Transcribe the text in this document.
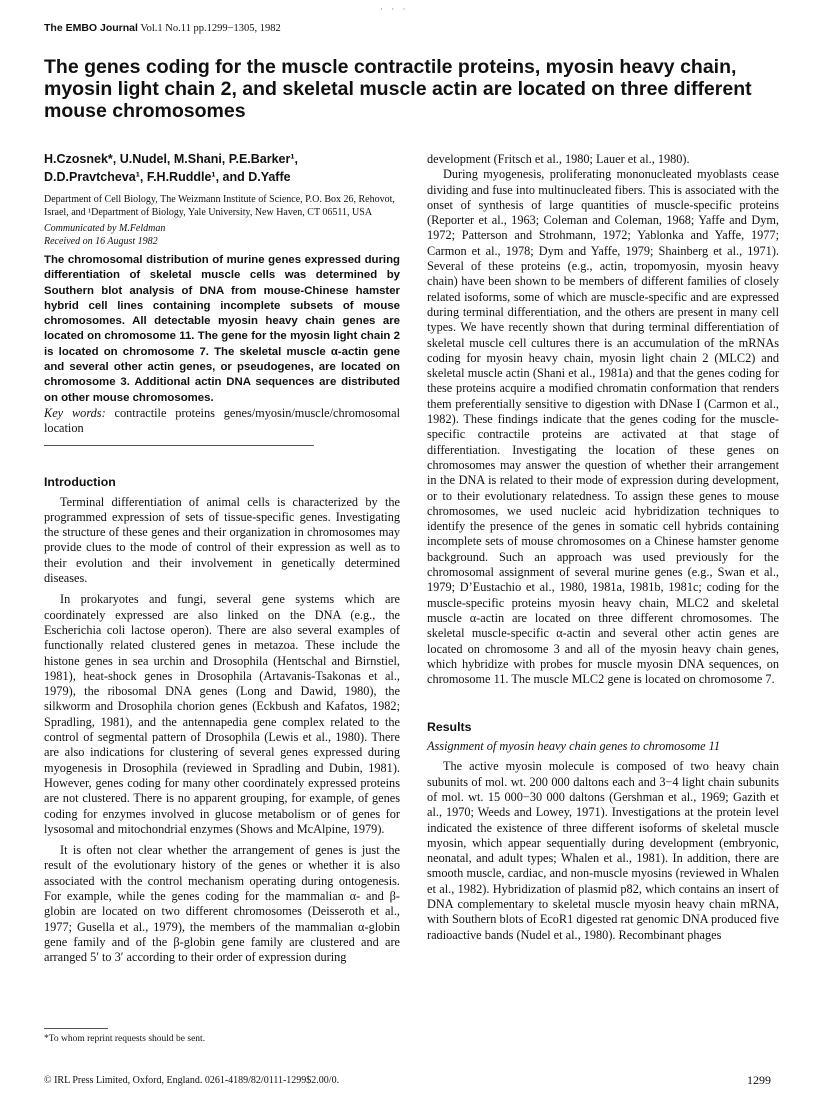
· · ·
The EMBO Journal Vol.1 No.11 pp.1299−1305, 1982
The genes coding for the muscle contractile proteins, myosin heavy chain, myosin light chain 2, and skeletal muscle actin are located on three different mouse chromosomes

H.Czosnek*, U.Nudel, M.Shani, P.E.Barker¹, D.D.Pravtcheva¹, F.H.Ruddle¹, and D.Yaffe

Department of Cell Biology, The Weizmann Institute of Science, P.O. Box 26, Rehovot, Israel, and ¹Department of Biology, Yale University, New Haven, CT 06511, USA

Communicated by M.Feldman

Received on 16 August 1982

The chromosomal distribution of murine genes expressed during differentiation of skeletal muscle cells was determined by Southern blot analysis of DNA from mouse-Chinese hamster hybrid cell lines containing incomplete subsets of mouse chromosomes. All detectable myosin heavy chain genes are located on chromosome 11. The gene for the myosin light chain 2 is located on chromosome 7. The skeletal muscle α-actin gene and several other actin genes, or pseudogenes, are located on chromosome 3. Additional actin DNA sequences are distributed on other mouse chromosomes.

Key words: contractile proteins genes/myosin/muscle/chromosomal location

Introduction

Terminal differentiation of animal cells is characterized by the programmed expression of sets of tissue-specific genes. Investigating the structure of these genes and their organization in chromosomes may provide clues to the mode of control of their expression as well as to their evolution and their involvement in genetically determined diseases.

In prokaryotes and fungi, several gene systems which are coordinately expressed are also linked on the DNA (e.g., the Escherichia coli lactose operon). There are also several examples of functionally related clustered genes in metazoa. These include the histone genes in sea urchin and Drosophila (Hentschal and Birnstiel, 1981), heat-shock genes in Drosophila (Artavanis-Tsakonas et al., 1979), the ribosomal DNA genes (Long and Dawid, 1980), the silkworm and Drosophila chorion genes (Eckbush and Kafatos, 1982; Spradling, 1981), and the antennapedia gene complex related to the control of segmental pattern of Drosophila (Lewis et al., 1980). There are also indications for clustering of several genes expressed during myogenesis in Drosophila (reviewed in Spradling and Dubin, 1981). However, genes coding for many other coordinately expressed proteins are not clustered. There is no apparent grouping, for example, of genes coding for enzymes involved in glucose metabolism or of genes for lysosomal and mitochondrial enzymes (Shows and McAlpine, 1979).

It is often not clear whether the arrangement of genes is just the result of the evolutionary history of the genes or whether it is also associated with the control mechanism operating during ontogenesis. For example, while the genes coding for the mammalian α- and β-globin are located on two different chromosomes (Deisseroth et al., 1977; Gusella et al., 1979), the members of the mammalian α-globin gene family and of the β-globin gene family are clustered and are arranged 5′ to 3′ according to their order of expression during

development (Fritsch et al., 1980; Lauer et al., 1980).

During myogenesis, proliferating mononucleated myoblasts cease dividing and fuse into multinucleated fibers. This is associated with the onset of synthesis of large quantities of muscle-specific proteins (Reporter et al., 1963; Coleman and Coleman, 1968; Yaffe and Dym, 1972; Patterson and Strohmann, 1972; Yablonka and Yaffe, 1977; Carmon et al., 1978; Dym and Yaffe, 1979; Shainberg et al., 1971). Several of these proteins (e.g., actin, tropomyosin, myosin heavy chain) have been shown to be members of different families of closely related isoforms, some of which are muscle-specific and are expressed during terminal differentiation, and the others are present in many cell types. We have recently shown that during terminal differentiation of skeletal muscle cell cultures there is an accumulation of the mRNAs coding for myosin heavy chain, myosin light chain 2 (MLC2) and skeletal muscle actin (Shani et al., 1981a) and that the genes coding for these proteins acquire a modified chromatin conformation that renders them preferentially sensitive to digestion with DNase I (Carmon et al., 1982). These findings indicate that the genes coding for the muscle-specific contractile proteins are activated at that stage of differentiation. Investigating the location of these genes on chromosomes may answer the question of whether their arrangement in the DNA is related to their mode of expression during development, or to their evolutionary relatedness. To assign these genes to mouse chromosomes, we used nucleic acid hybridization techniques to identify the presence of the genes in somatic cell hybrids containing incomplete sets of mouse chromosomes on a Chinese hamster genome background. Such an approach was used previously for the chromosomal assignment of several murine genes (e.g., Swan et al., 1979; D’Eustachio et al., 1980, 1981a, 1981b, 1981c; coding for the muscle-specific proteins myosin heavy chain, MLC2 and skeletal muscle α-actin are located on three different chromosomes. The skeletal muscle-specific α-actin and several other actin genes are located on chromosome 3 and all of the myosin heavy chain genes, which hybridize with probes for muscle myosin DNA sequences, on chromosome 11. The muscle MLC2 gene is located on chromosome 7.

Results
Assignment of myosin heavy chain genes to chromosome 11

The active myosin molecule is composed of two heavy chain subunits of mol. wt. 200 000 daltons each and 3−4 light chain subunits of mol. wt. 15 000−30 000 daltons (Gershman et al., 1969; Gazith et al., 1970; Weeds and Lowey, 1971). Investigations at the protein level indicated the existence of three different isoforms of skeletal muscle myosin, which appear sequentially during development (embryonic, neonatal, and adult types; Whalen et al., 1981). In addition, there are smooth muscle, cardiac, and non-muscle myosins (reviewed in Whalen et al., 1982). Hybridization of plasmid p82, which contains an insert of DNA complementary to skeletal muscle myosin heavy chain mRNA, with Southern blots of EcoR1 digested rat genomic DNA produced five radioactive bands (Nudel et al., 1980). Recombinant phages

*To whom reprint requests should be sent.
© IRL Press Limited, Oxford, England. 0261-4189/82/0111-1299$2.00/0.	1299
